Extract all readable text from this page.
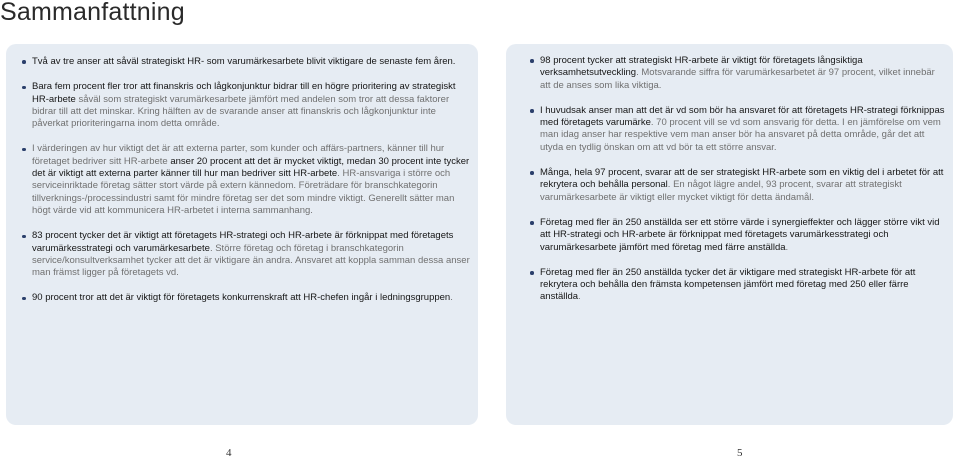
Sammanfattning
Två av tre anser att såväl strategiskt HR- som varumärkesarbete blivit viktigare de senaste fem åren.
Bara fem procent fler tror att finanskris och lågkonjunktur bidrar till en högre prioritering av strategiskt HR-arbete såväl som strategiskt varumärkesarbete jämfört med andelen som tror att dessa faktorer bidrar till att det minskar. Kring hälften av de svarande anser att finanskris och lågkonjunktur inte påverkat prioriteringarna inom detta område.
I värderingen av hur viktigt det är att externa parter, som kunder och affärs-partners, känner till hur företaget bedriver sitt HR-arbete anser 20 procent att det är mycket viktigt, medan 30 procent inte tycker det är viktigt att externa parter känner till hur man bedriver sitt HR-arbete. HR-ansvariga i större och serviceinriktade företag sätter stort värde på extern kännedom. Företrädare för branschkategorin tillverknings-/processindustri samt för mindre företag ser det som mindre viktigt. Generellt sätter man högt värde vid att kommunicera HR-arbetet i interna sammanhang.
83 procent tycker det är viktigt att företagets HR-strategi och HR-arbete är förknippat med företagets varumärkesstrategi och varumärkesarbete. Större företag och företag i branschkategorin service/konsultverksamhet tycker att det är viktigare än andra. Ansvaret att koppla samman dessa anser man främst ligger på företagets vd.
90 procent tror att det är viktigt för företagets konkurrenskraft att HR-chefen ingår i ledningsgruppen.
98 procent tycker att strategiskt HR-arbete är viktigt för företagets långsiktiga verksamhetsutveckling. Motsvarande siffra för varumärkesarbetet är 97 procent, vilket innebär att de anses som lika viktiga.
I huvudsak anser man att det är vd som bör ha ansvaret för att företagets HR-strategi förknippas med företagets varumärke. 70 procent vill se vd som ansvarig för detta. I en jämförelse om vem man idag anser har respektive vem man anser bör ha ansvaret på detta område, går det att utyda en tydlig önskan om att vd bör ta ett större ansvar.
Många, hela 97 procent, svarar att de ser strategiskt HR-arbete som en viktig del i arbetet för att rekrytera och behålla personal. En något lägre andel, 93 procent, svarar att strategiskt varumärkesarbete är viktigt eller mycket viktigt för detta ändamål.
Företag med fler än 250 anställda ser ett större värde i synergieffekter och lägger större vikt vid att HR-strategi och HR-arbete är förknippat med företagets varumärkesstrategi och varumärkesarbete jämfört med företag med färre anställda.
Företag med fler än 250 anställda tycker det är viktigare med strategiskt HR-arbete för att rekrytera och behålla den främsta kompetensen jämfört med företag med 250 eller färre anställda.
4	5
